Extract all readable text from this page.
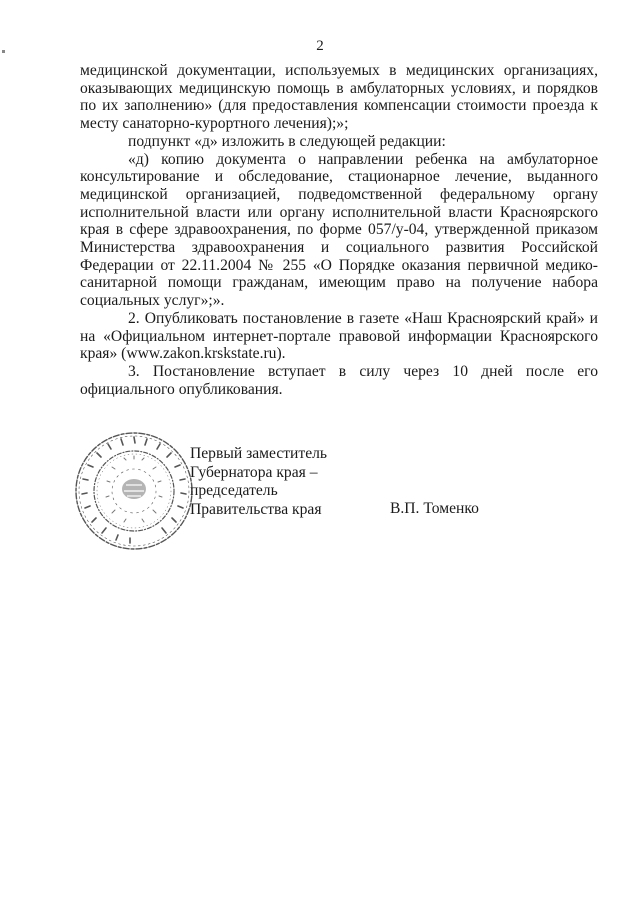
2

медицинской документации, используемых в медицинских организациях, оказывающих медицинскую помощь в амбулаторных условиях, и порядков по их заполнению» (для предоставления компенсации стоимости проезда к месту санаторно-курортного лечения);»;

подпункт «д» изложить в следующей редакции:

«д) копию документа о направлении ребенка на амбулаторное консультирование и обследование, стационарное лечение, выданного медицинской организацией, подведомственной федеральному органу исполнительной власти или органу исполнительной власти Красноярского края в сфере здравоохранения, по форме 057/у-04, утвержденной приказом Министерства здравоохранения и социального развития Российской Федерации от 22.11.2004 № 255 «О Порядке оказания первичной медико-санитарной помощи гражданам, имеющим право на получение набора социальных услуг»;».

2. Опубликовать постановление в газете «Наш Красноярский край» и на «Официальном интернет-портале правовой информации Красноярского края» (www.zakon.krskstate.ru).

3. Постановление вступает в силу через 10 дней после его официального опубликования.

Первый заместитель
Губернатора края –
председатель
Правительства края	В.П. Томенко
